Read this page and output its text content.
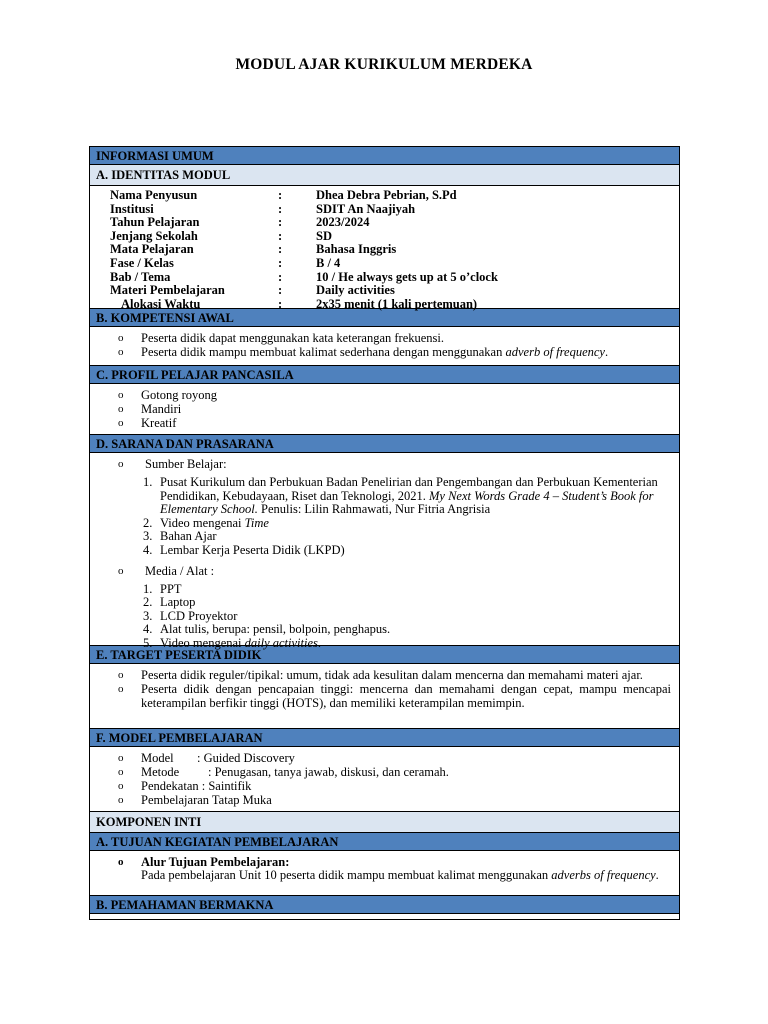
MODUL AJAR KURIKULUM MERDEKA
INFORMASI UMUM
A. IDENTITAS MODUL
Nama Penyusun	:	Dhea Debra Pebrian, S.Pd
Institusi	:	SDIT An Naajiyah
Tahun Pelajaran	:	2023/2024
Jenjang Sekolah	:	SD
Mata Pelajaran	:	Bahasa Inggris
Fase / Kelas	:	B / 4
Bab / Tema	:	10 / He always gets up at 5 o’clock
Materi Pembelajaran	:	Daily activities
Alokasi Waktu	:	2x35 menit (1 kali pertemuan)
B. KOMPETENSI AWAL
o Peserta didik dapat menggunakan kata keterangan frekuensi.
o Peserta didik mampu membuat kalimat sederhana dengan menggunakan adverb of frequency.
C. PROFIL PELAJAR PANCASILA
o Gotong royong
o Mandiri
o Kreatif
D. SARANA DAN PRASARANA
o Sumber Belajar:
1. Pusat Kurikulum dan Perbukuan Badan Penelirian dan Pengembangan dan Perbukuan Kementerian Pendidikan, Kebudayaan, Riset dan Teknologi, 2021. My Next Words Grade 4 – Student’s Book for Elementary School. Penulis: Lilin Rahmawati, Nur Fitria Angrisia
2. Video mengenai Time
3. Bahan Ajar
4. Lembar Kerja Peserta Didik (LKPD)
o Media / Alat :
1. PPT
2. Laptop
3. LCD Proyektor
4. Alat tulis, berupa: pensil, bolpoin, penghapus.
5. Video mengenai daily activities.
E. TARGET PESERTA DIDIK
o Peserta didik reguler/tipikal: umum, tidak ada kesulitan dalam mencerna dan memahami materi ajar.
o Peserta didik dengan pencapaian tinggi: mencerna dan memahami dengan cepat, mampu mencapai keterampilan berfikir tinggi (HOTS), dan memiliki keterampilan memimpin.
F. MODEL PEMBELAJARAN
o Model : Guided Discovery
o Metode : Penugasan, tanya jawab, diskusi, dan ceramah.
o Pendekatan : Saintifik
o Pembelajaran Tatap Muka
KOMPONEN INTI
A. TUJUAN KEGIATAN PEMBELAJARAN
o Alur Tujuan Pembelajaran:
Pada pembelajaran Unit 10 peserta didik mampu membuat kalimat menggunakan adverbs of frequency.
B. PEMAHAMAN BERMAKNA
